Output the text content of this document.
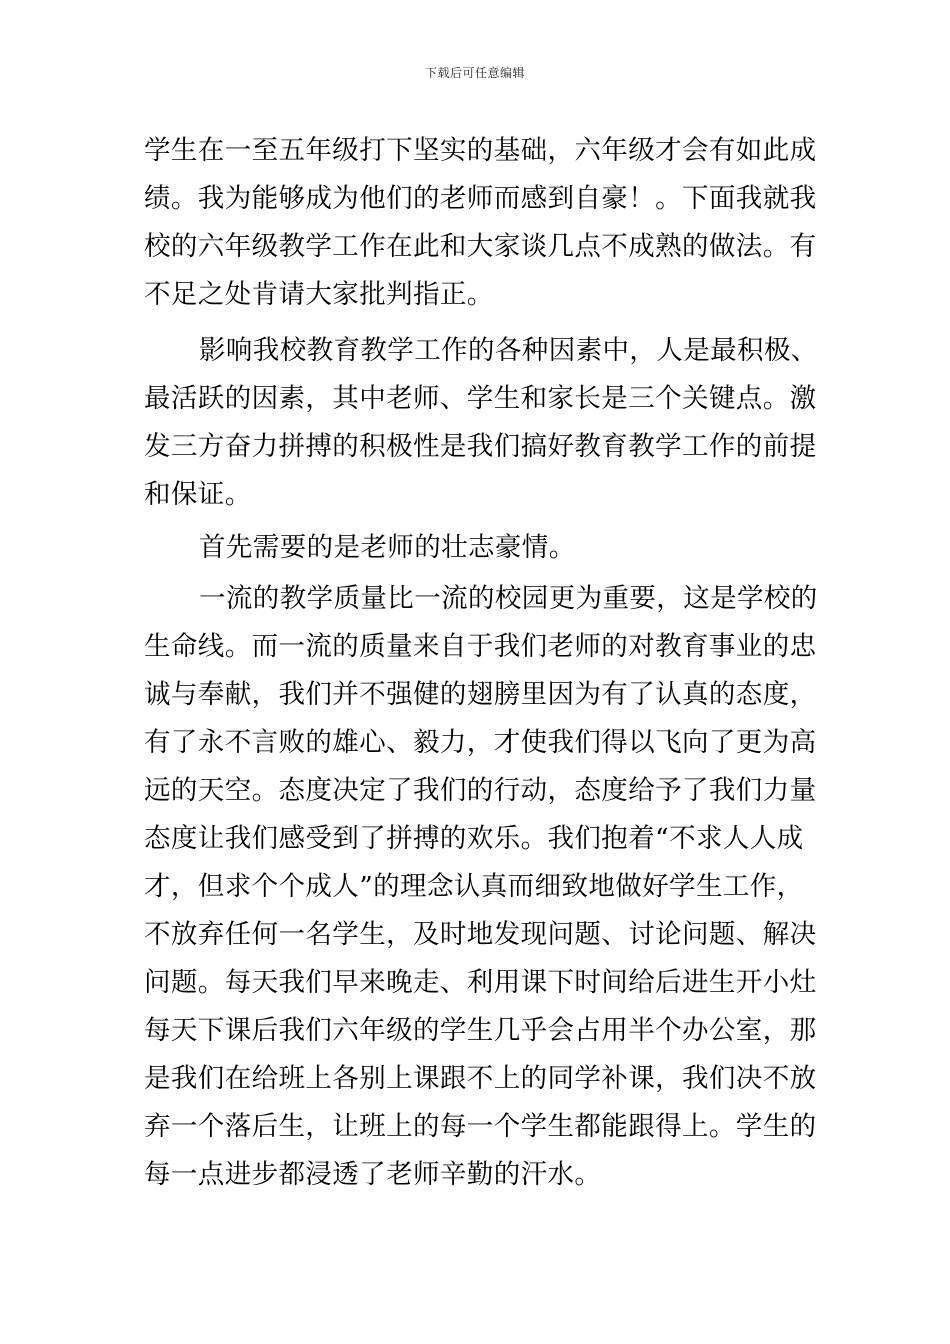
下载后可任意编辑
学生在一至五年级打下坚实的基础，六年级才会有如此成
绩。我为能够成为他们的老师而感到自豪！。下面我就我
校的六年级教学工作在此和大家谈几点不成熟的做法。有
不足之处肯请大家批判指正。
影响我校教育教学工作的各种因素中，人是最积极、
最活跃的因素，其中老师、学生和家长是三个关键点。激
发三方奋力拼搏的积极性是我们搞好教育教学工作的前提
和保证。
首先需要的是老师的壮志豪情。
一流的教学质量比一流的校园更为重要，这是学校的
生命线。而一流的质量来自于我们老师的对教育事业的忠
诚与奉献，我们并不强健的翅膀里因为有了认真的态度，
有了永不言败的雄心、毅力，才使我们得以飞向了更为高
远的天空。态度决定了我们的行动，态度给予了我们力量
态度让我们感受到了拼搏的欢乐。我们抱着“不求人人成
才，但求个个成人”的理念认真而细致地做好学生工作，
不放弃任何一名学生，及时地发现问题、讨论问题、解决
问题。每天我们早来晚走、利用课下时间给后进生开小灶
每天下课后我们六年级的学生几乎会占用半个办公室，那
是我们在给班上各别上课跟不上的同学补课，我们决不放
弃一个落后生，让班上的每一个学生都能跟得上。学生的
每一点进步都浸透了老师辛勤的汗水。
